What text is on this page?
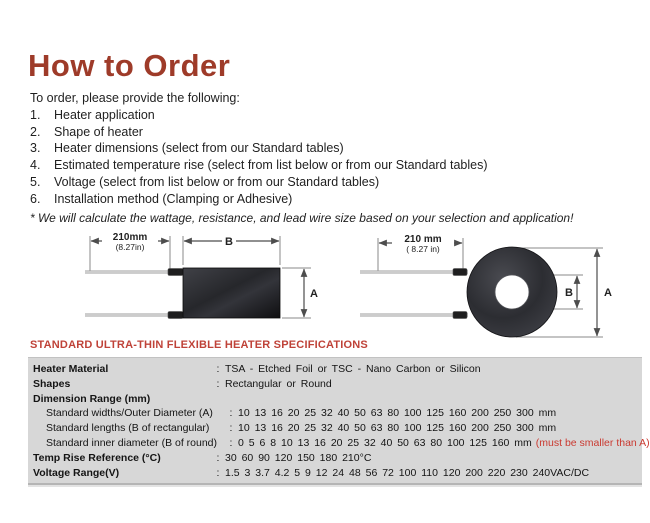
How to Order
To order, please provide the following:
1.	Heater application
2.	Shape of heater
3.	Heater dimensions (select from our Standard tables)
4.	Estimated temperature rise (select from list below or from our Standard tables)
5.	Voltage (select from list below or from our Standard tables)
6.	Installation method (Clamping or Adhesive)
* We will calculate the wattage, resistance, and lead wire size based on your selection and application!
210mm
(8.27in)	B
A
210 mm
( 8.27 in)
B	A
STANDARD ULTRA-THIN FLEXIBLE HEATER SPECIFICATIONS
Heater Material	: TSA - Etched Foil or TSC - Nano Carbon or Silicon
Shapes	: Rectangular or Round
Dimension Range (mm)
Standard widths/Outer Diameter (A)	: 10 13 16 20 25 32 40 50 63 80 100 125 160 200 250 300 mm
Standard lengths (B of rectangular)	: 10 13 16 20 25 32 40 50 63 80 100 125 160 200 250 300 mm
Standard inner diameter (B of round)	: 0 5 6 8 10 13 16 20 25 32 40 50 63 80 100 125 160 mm (must be smaller than A)
Temp Rise Reference (°C)	: 30 60 90 120 150 180 210°C
Voltage Range(V)	: 1.5 3 3.7 4.2 5 9 12 24 48 56 72 100 110 120 200 220 230 240VAC/DC
